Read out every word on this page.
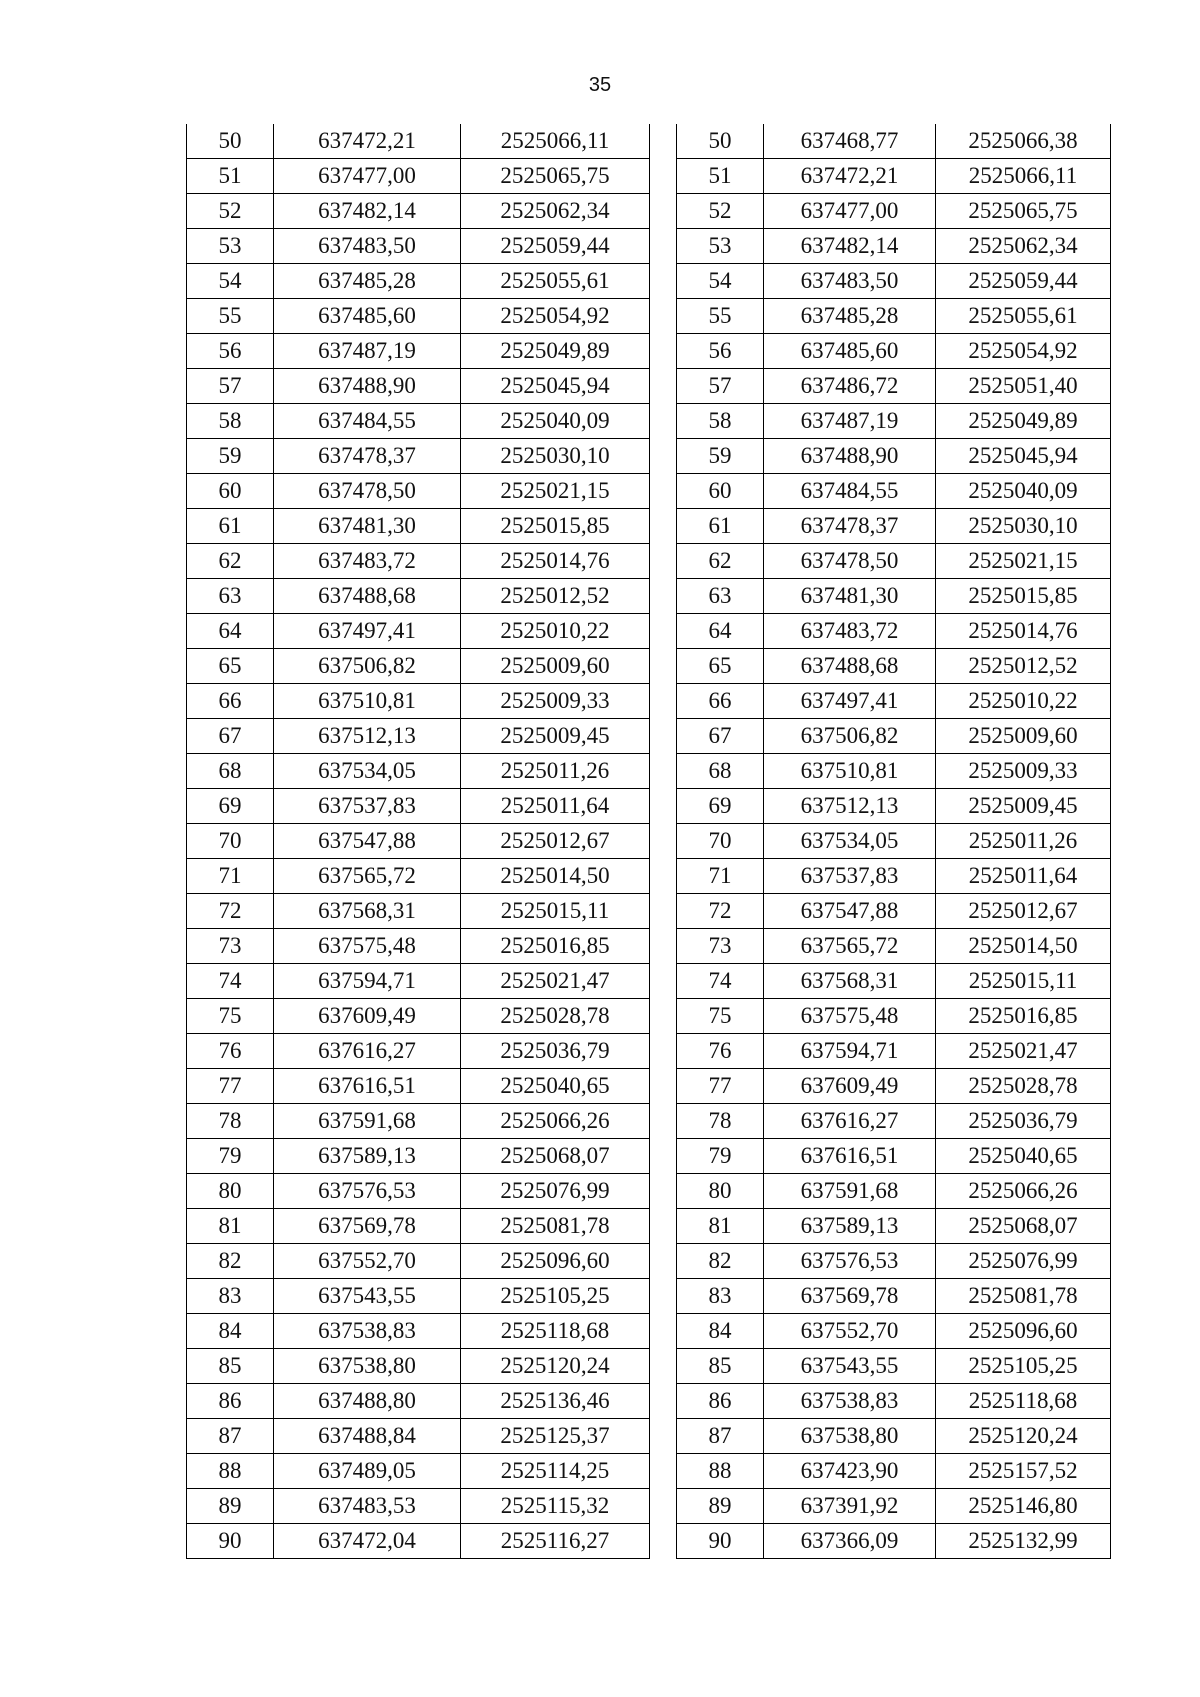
35
50	637472,21	2525066,11
51	637477,00	2525065,75
52	637482,14	2525062,34
53	637483,50	2525059,44
54	637485,28	2525055,61
55	637485,60	2525054,92
56	637487,19	2525049,89
57	637488,90	2525045,94
58	637484,55	2525040,09
59	637478,37	2525030,10
60	637478,50	2525021,15
61	637481,30	2525015,85
62	637483,72	2525014,76
63	637488,68	2525012,52
64	637497,41	2525010,22
65	637506,82	2525009,60
66	637510,81	2525009,33
67	637512,13	2525009,45
68	637534,05	2525011,26
69	637537,83	2525011,64
70	637547,88	2525012,67
71	637565,72	2525014,50
72	637568,31	2525015,11
73	637575,48	2525016,85
74	637594,71	2525021,47
75	637609,49	2525028,78
76	637616,27	2525036,79
77	637616,51	2525040,65
78	637591,68	2525066,26
79	637589,13	2525068,07
80	637576,53	2525076,99
81	637569,78	2525081,78
82	637552,70	2525096,60
83	637543,55	2525105,25
84	637538,83	2525118,68
85	637538,80	2525120,24
86	637488,80	2525136,46
87	637488,84	2525125,37
88	637489,05	2525114,25
89	637483,53	2525115,32
90	637472,04	2525116,27
50	637468,77	2525066,38
51	637472,21	2525066,11
52	637477,00	2525065,75
53	637482,14	2525062,34
54	637483,50	2525059,44
55	637485,28	2525055,61
56	637485,60	2525054,92
57	637486,72	2525051,40
58	637487,19	2525049,89
59	637488,90	2525045,94
60	637484,55	2525040,09
61	637478,37	2525030,10
62	637478,50	2525021,15
63	637481,30	2525015,85
64	637483,72	2525014,76
65	637488,68	2525012,52
66	637497,41	2525010,22
67	637506,82	2525009,60
68	637510,81	2525009,33
69	637512,13	2525009,45
70	637534,05	2525011,26
71	637537,83	2525011,64
72	637547,88	2525012,67
73	637565,72	2525014,50
74	637568,31	2525015,11
75	637575,48	2525016,85
76	637594,71	2525021,47
77	637609,49	2525028,78
78	637616,27	2525036,79
79	637616,51	2525040,65
80	637591,68	2525066,26
81	637589,13	2525068,07
82	637576,53	2525076,99
83	637569,78	2525081,78
84	637552,70	2525096,60
85	637543,55	2525105,25
86	637538,83	2525118,68
87	637538,80	2525120,24
88	637423,90	2525157,52
89	637391,92	2525146,80
90	637366,09	2525132,99
